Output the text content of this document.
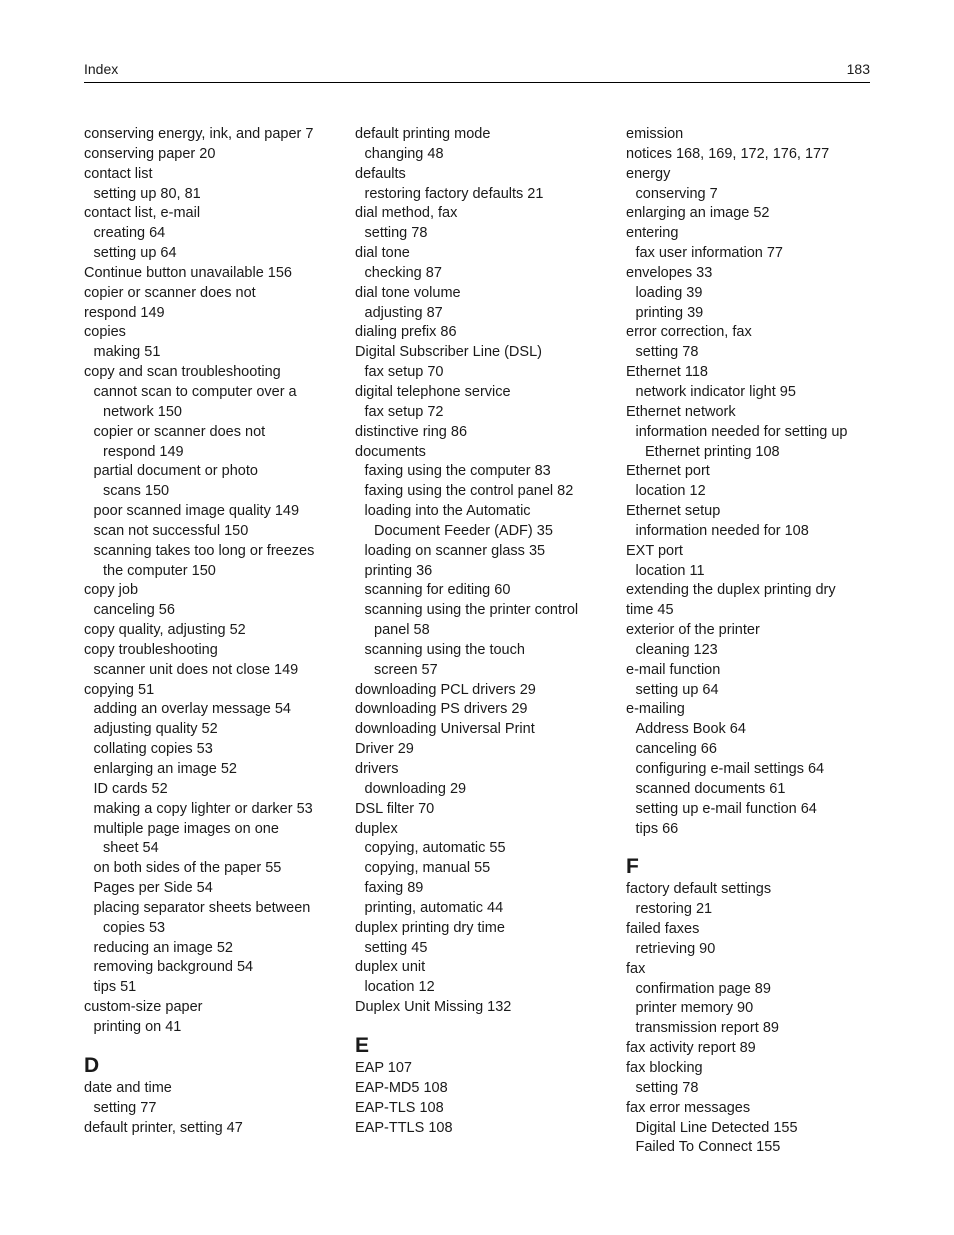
Index	183
conserving energy, ink, and paper 7
conserving paper 20
contact list
setting up 80, 81
contact list, e-mail
creating 64
setting up 64
Continue button unavailable 156
copier or scanner does not
respond 149
copies
making 51
copy and scan troubleshooting
cannot scan to computer over a
network 150
copier or scanner does not
respond 149
partial document or photo
scans 150
poor scanned image quality 149
scan not successful 150
scanning takes too long or freezes
the computer 150
copy job
canceling 56
copy quality, adjusting 52
copy troubleshooting
scanner unit does not close 149
copying 51
adding an overlay message 54
adjusting quality 52
collating copies 53
enlarging an image 52
ID cards 52
making a copy lighter or darker 53
multiple page images on one
sheet 54
on both sides of the paper 55
Pages per Side 54
placing separator sheets between
copies 53
reducing an image 52
removing background 54
tips 51
custom-size paper
printing on 41
D
date and time
setting 77
default printer, setting 47
default printing mode
changing 48
defaults
restoring factory defaults 21
dial method, fax
setting 78
dial tone
checking 87
dial tone volume
adjusting 87
dialing prefix 86
Digital Subscriber Line (DSL)
fax setup 70
digital telephone service
fax setup 72
distinctive ring 86
documents
faxing using the computer 83
faxing using the control panel 82
loading into the Automatic
Document Feeder (ADF) 35
loading on scanner glass 35
printing 36
scanning for editing 60
scanning using the printer control
panel 58
scanning using the touch
screen 57
downloading PCL drivers 29
downloading PS drivers 29
downloading Universal Print
Driver 29
drivers
downloading 29
DSL filter 70
duplex
copying, automatic 55
copying, manual 55
faxing 89
printing, automatic 44
duplex printing dry time
setting 45
duplex unit
location 12
Duplex Unit Missing 132
E
EAP 107
EAP-MD5 108
EAP-TLS 108
EAP-TTLS 108
emission
notices 168, 169, 172, 176, 177
energy
conserving 7
enlarging an image 52
entering
fax user information 77
envelopes 33
loading 39
printing 39
error correction, fax
setting 78
Ethernet 118
network indicator light 95
Ethernet network
information needed for setting up
Ethernet printing 108
Ethernet port
location 12
Ethernet setup
information needed for 108
EXT port
location 11
extending the duplex printing dry
time 45
exterior of the printer
cleaning 123
e-mail function
setting up 64
e-mailing
Address Book 64
canceling 66
configuring e-mail settings 64
scanned documents 61
setting up e-mail function 64
tips 66
F
factory default settings
restoring 21
failed faxes
retrieving 90
fax
confirmation page 89
printer memory 90
transmission report 89
fax activity report 89
fax blocking
setting 78
fax error messages
Digital Line Detected 155
Failed To Connect 155
